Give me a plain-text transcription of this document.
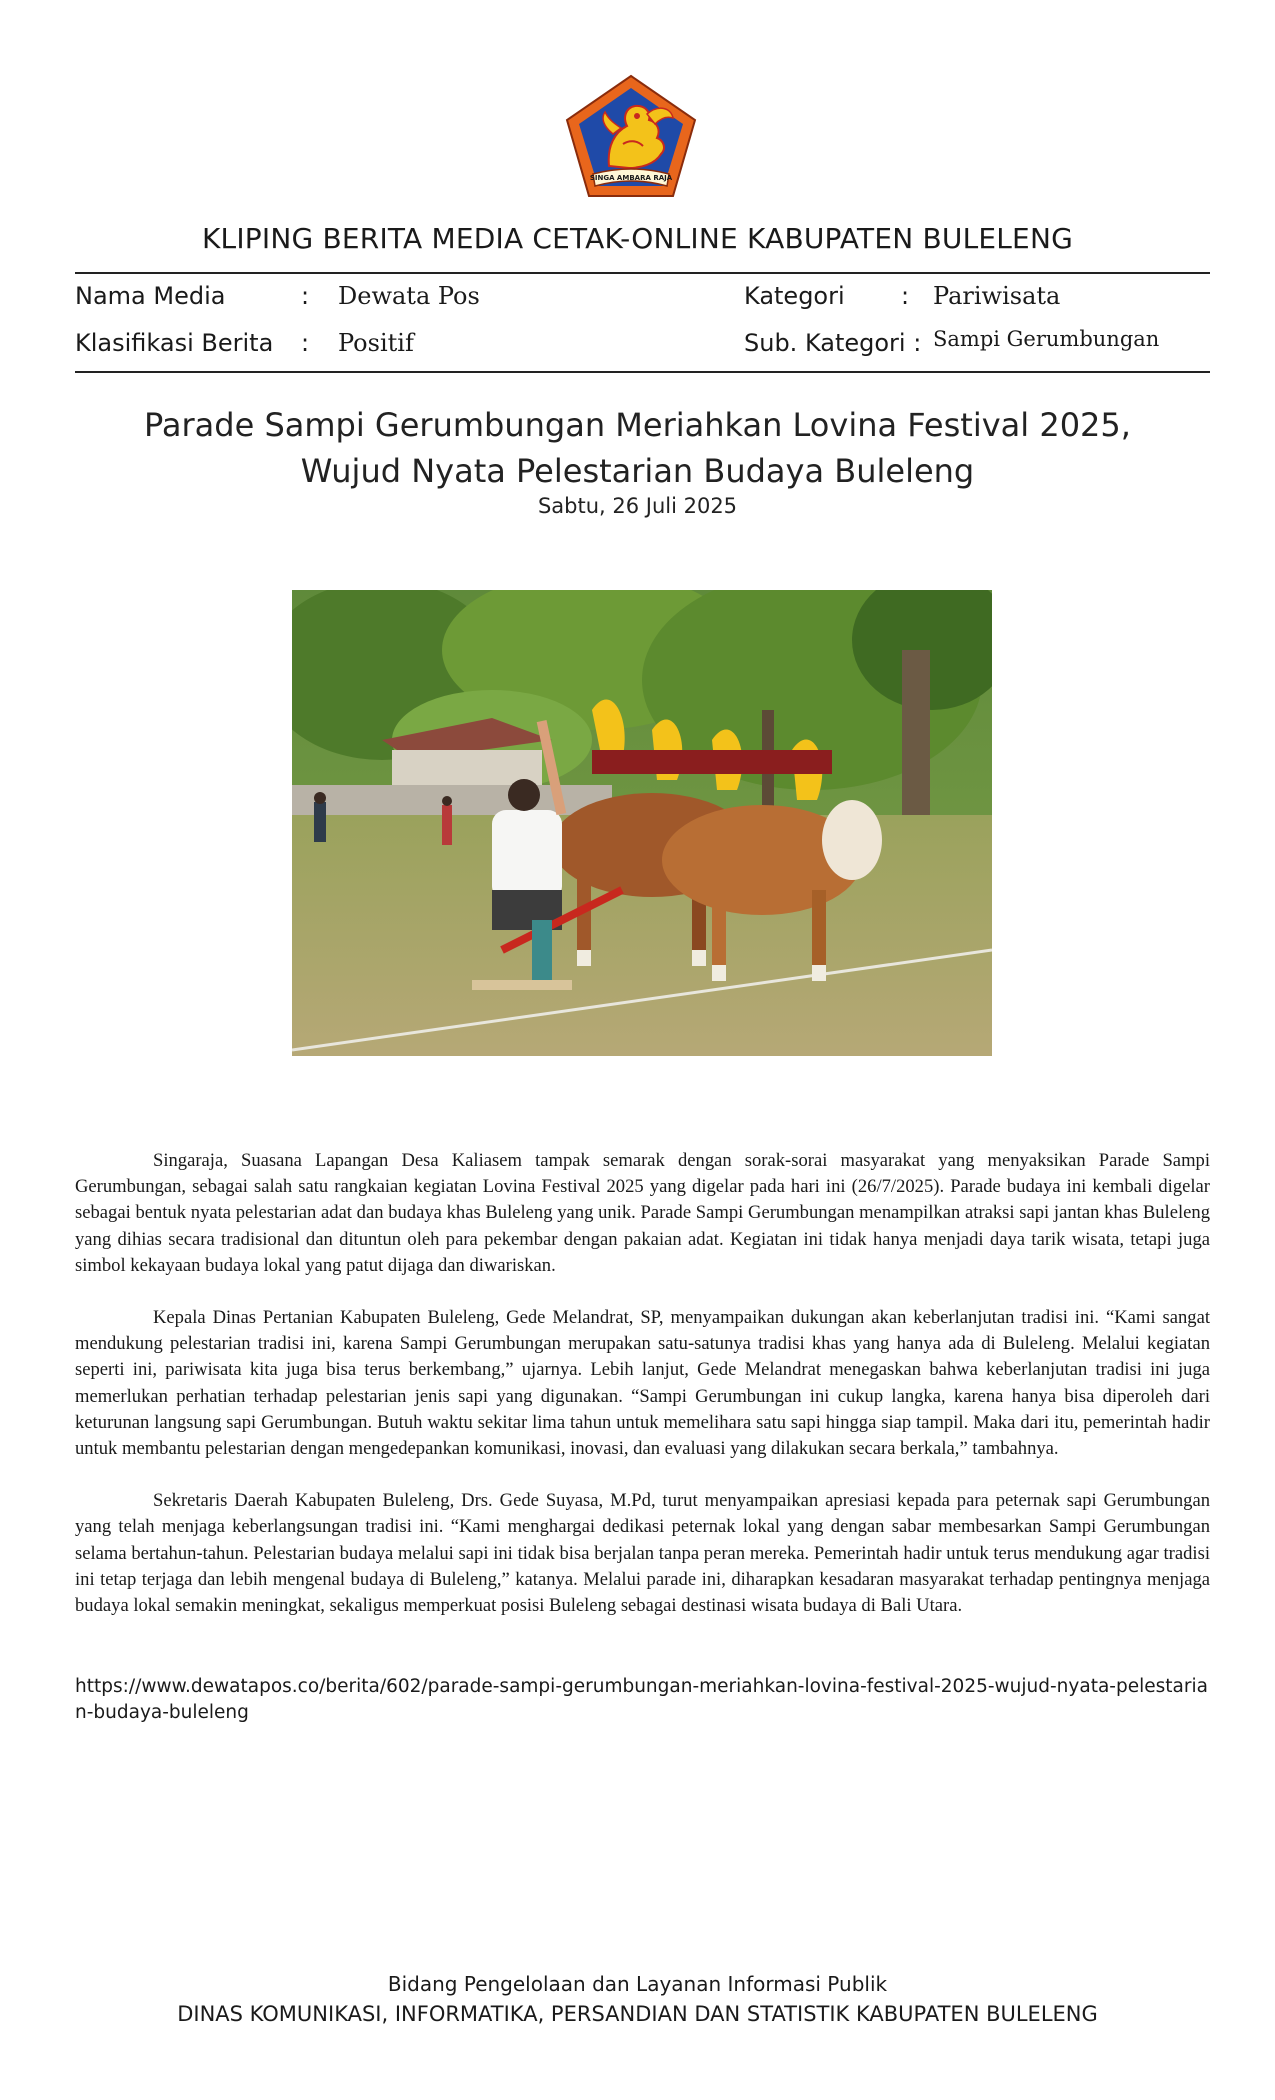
SINGA AMBARA RAJA
KLIPING BERITA MEDIA CETAK-ONLINE KABUPATEN BULELENG
Nama Media	: Dewata Pos
Klasifikasi Berita : Positif
Kategori : Pariwisata
Sub. Kategori : Sampi Gerumbungan
Parade Sampi Gerumbungan Meriahkan Lovina Festival 2025,
Wujud Nyata Pelestarian Budaya Buleleng
Sabtu, 26 Juli 2025

Singaraja, Suasana Lapangan Desa Kaliasem tampak semarak dengan sorak-sorai masyarakat yang menyaksikan Parade Sampi Gerumbungan, sebagai salah satu rangkaian kegiatan Lovina Festival 2025 yang digelar pada hari ini (26/7/2025). Parade budaya ini kembali digelar sebagai bentuk nyata pelestarian adat dan budaya khas Buleleng yang unik. Parade Sampi Gerumbungan menampilkan atraksi sapi jantan khas Buleleng yang dihias secara tradisional dan dituntun oleh para pekembar dengan pakaian adat. Kegiatan ini tidak hanya menjadi daya tarik wisata, tetapi juga simbol kekayaan budaya lokal yang patut dijaga dan diwariskan.

Kepala Dinas Pertanian Kabupaten Buleleng, Gede Melandrat, SP, menyampaikan dukungan akan keberlanjutan tradisi ini. “Kami sangat mendukung pelestarian tradisi ini, karena Sampi Gerumbungan merupakan satu-satunya tradisi khas yang hanya ada di Buleleng. Melalui kegiatan seperti ini, pariwisata kita juga bisa terus berkembang,” ujarnya. Lebih lanjut, Gede Melandrat menegaskan bahwa keberlanjutan tradisi ini juga memerlukan perhatian terhadap pelestarian jenis sapi yang digunakan. “Sampi Gerumbungan ini cukup langka, karena hanya bisa diperoleh dari keturunan langsung sapi Gerumbungan. Butuh waktu sekitar lima tahun untuk memelihara satu sapi hingga siap tampil. Maka dari itu, pemerintah hadir untuk membantu pelestarian dengan mengedepankan komunikasi, inovasi, dan evaluasi yang dilakukan secara berkala,” tambahnya.

Sekretaris Daerah Kabupaten Buleleng, Drs. Gede Suyasa, M.Pd, turut menyampaikan apresiasi kepada para peternak sapi Gerumbungan yang telah menjaga keberlangsungan tradisi ini. “Kami menghargai dedikasi peternak lokal yang dengan sabar membesarkan Sampi Gerumbungan selama bertahun-tahun. Pelestarian budaya melalui sapi ini tidak bisa berjalan tanpa peran mereka. Pemerintah hadir untuk terus mendukung agar tradisi ini tetap terjaga dan lebih mengenal budaya di Buleleng,” katanya. Melalui parade ini, diharapkan kesadaran masyarakat terhadap pentingnya menjaga budaya lokal semakin meningkat, sekaligus memperkuat posisi Buleleng sebagai destinasi wisata budaya di Bali Utara.

https://www.dewatapos.co/berita/602/parade-sampi-gerumbungan-meriahkan-lovina-festival-2025-wujud-nyata-pelestarian-budaya-buleleng
Bidang Pengelolaan dan Layanan Informasi Publik
DINAS KOMUNIKASI, INFORMATIKA, PERSANDIAN DAN STATISTIK KABUPATEN BULELENG
